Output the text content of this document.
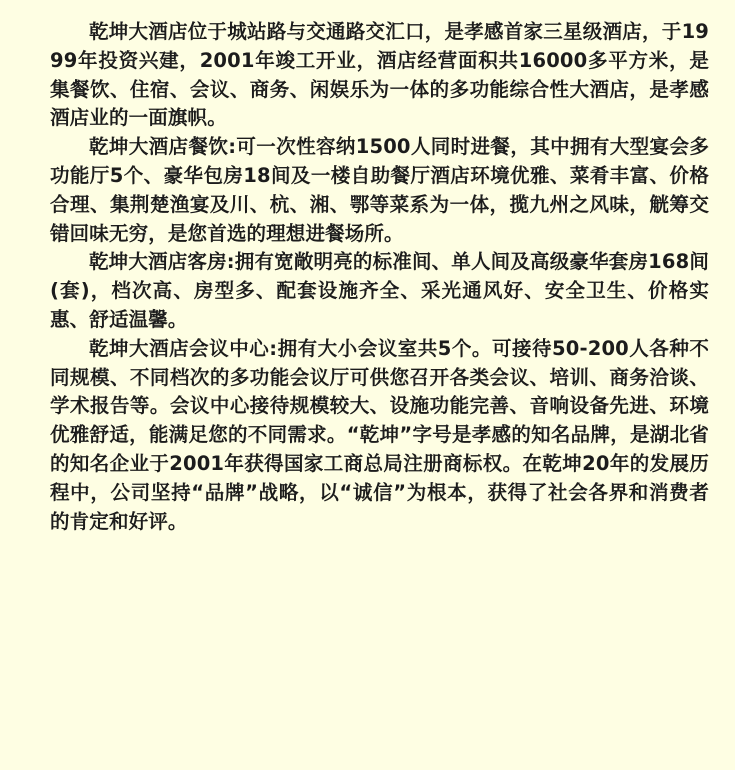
乾坤大酒店位于城站路与交通路交汇口，是孝感首家三星级酒店，于1999年投资兴建，2001年竣工开业，酒店经营面积共16000多平方米，是集餐饮、住宿、会议、商务、闲娱乐为一体的多功能综合性大酒店，是孝感酒店业的一面旗帜。

乾坤大酒店餐饮:可一次性容纳1500人同时进餐，其中拥有大型宴会多功能厅5个、豪华包房18间及一楼自助餐厅酒店环境优雅、菜肴丰富、价格合理、集荆楚渔宴及川、杭、湘、鄂等菜系为一体，揽九州之风味，觥筹交错回味无穷，是您首选的理想进餐场所。

乾坤大酒店客房:拥有宽敞明亮的标准间、单人间及高级豪华套房168间(套)，档次高、房型多、配套设施齐全、采光通风好、安全卫生、价格实惠、舒适温馨。

乾坤大酒店会议中心:拥有大小会议室共5个。可接待50-200人各种不同规模、不同档次的多功能会议厅可供您召开各类会议、培训、商务洽谈、学术报告等。会议中心接待规模较大、设施功能完善、音响设备先进、环境优雅舒适，能满足您的不同需求。“乾坤”字号是孝感的知名品牌，是湖北省的知名企业于2001年获得国家工商总局注册商标权。在乾坤20年的发展历程中，公司坚持“品牌”战略，以“诚信”为根本，获得了社会各界和消费者的肯定和好评。
